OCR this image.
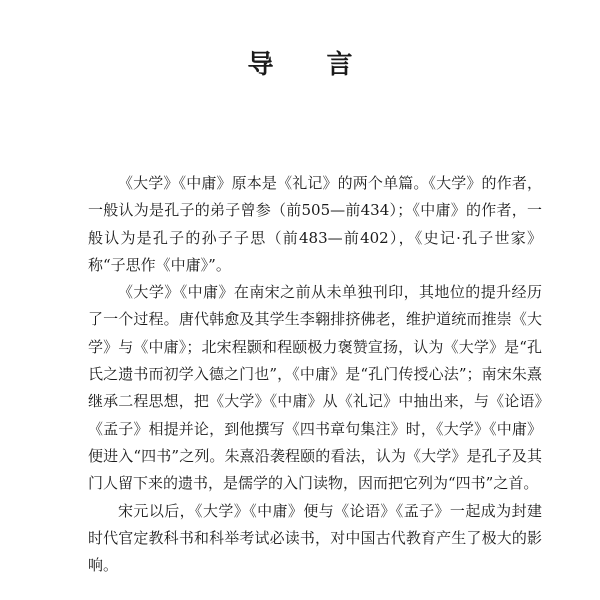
导 言

《大学》《中庸》原本是《礼记》的两个单篇。《大学》的作者，一般认为是孔子的弟子曾参（前505—前434）；《中庸》的作者，一般认为是孔子的孙子子思（前483—前402），《史记·孔子世家》称“子思作《中庸》”。

《大学》《中庸》在南宋之前从未单独刊印，其地位的提升经历了一个过程。唐代韩愈及其学生李翱排挤佛老，维护道统而推崇《大学》与《中庸》；北宋程颢和程颐极力褒赞宣扬，认为《大学》是“孔氏之遗书而初学入德之门也”，《中庸》是“孔门传授心法”；南宋朱熹继承二程思想，把《大学》《中庸》从《礼记》中抽出来，与《论语》《孟子》相提并论，到他撰写《四书章句集注》时，《大学》《中庸》便进入“四书”之列。朱熹沿袭程颐的看法，认为《大学》是孔子及其门人留下来的遗书，是儒学的入门读物，因而把它列为“四书”之首。

宋元以后，《大学》《中庸》便与《论语》《孟子》一起成为封建时代官定教科书和科举考试必读书，对中国古代教育产生了极大的影响。
